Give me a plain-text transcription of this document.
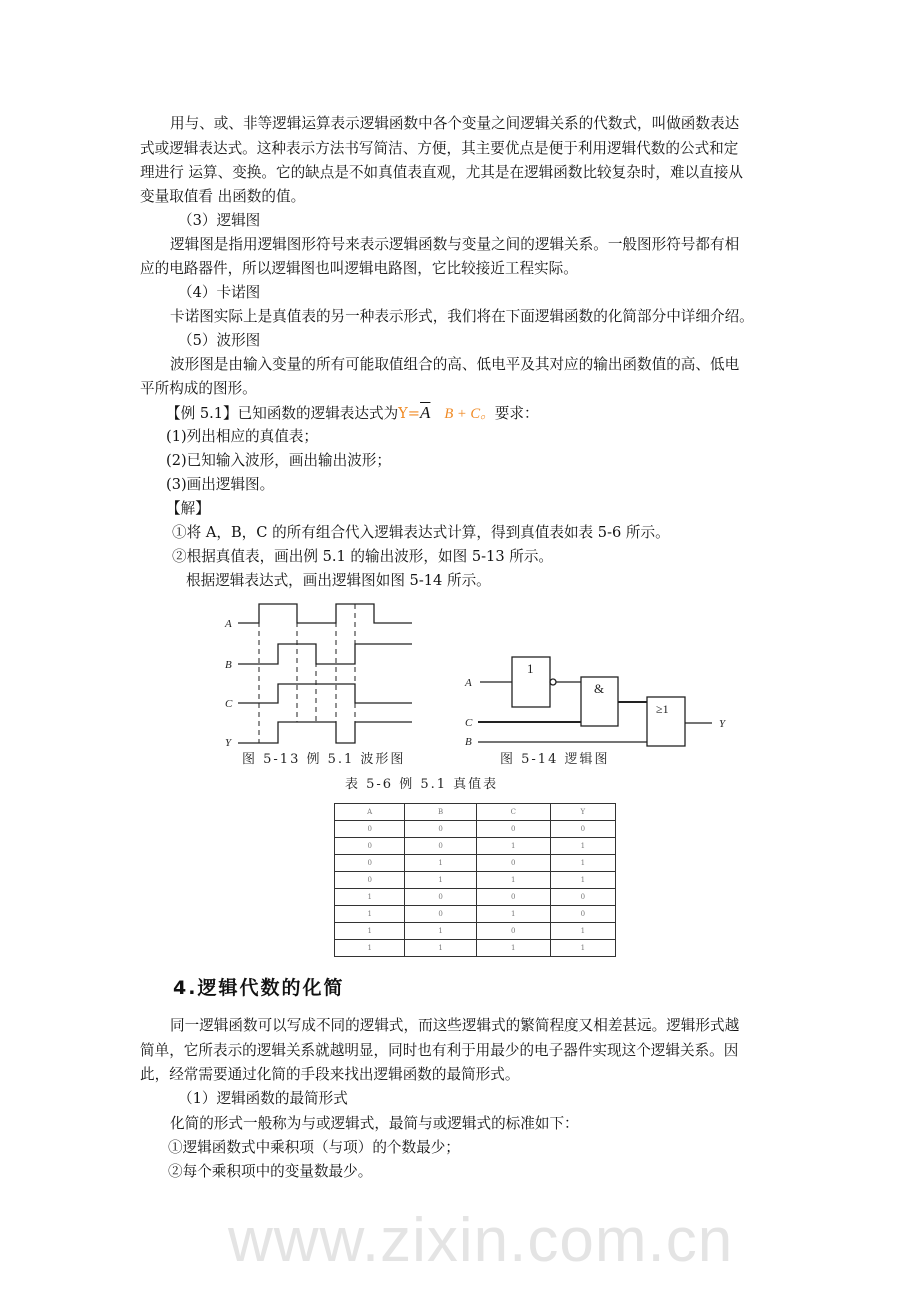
用与、或、非等逻辑运算表示逻辑函数中各个变量之间逻辑关系的代数式，叫做函数表达
式或逻辑表达式。这种表示方法书写简洁、方便，其主要优点是便于利用逻辑代数的公式和定
理进行 运算、变换。它的缺点是不如真值表直观，尤其是在逻辑函数比较复杂时，难以直接从
变量取值看 出函数的值。
（3）逻辑图
逻辑图是指用逻辑图形符号来表示逻辑函数与变量之间的逻辑关系。一般图形符号都有相
应的电路器件，所以逻辑图也叫逻辑电路图，它比较接近工程实际。
（4）卡诺图
卡诺图实际上是真值表的另一种表示形式，我们将在下面逻辑函数的化简部分中详细介绍。
（5）波形图
波形图是由输入变量的所有可能取值组合的高、低电平及其对应的输出函数值的高、低电
平所构成的图形。
【例 5.1】已知函数的逻辑表达式为$Y=\overline{A}$ B + C。要求：
(1)列出相应的真值表；
(2)已知输入波形，画出输出波形；
(3)画出逻辑图。
【解】
①将 A，B，C 的所有组合代入逻辑表达式计算，得到真值表如表 5-6 所示。
②根据真值表，画出例 5.1 的输出波形，如图 5-13 所示。
根据逻辑表达式，画出逻辑图如图 5-14 所示。
A
B
C
Y
1
&
≥1
A
C
B
Y
图 5-13 例 5.1 波形图	图 5-14 逻辑图
表 5-6 例 5.1 真值表
A	B	C	Y
0	0	0	0
0	0	1	1
0	1	0	1
0	1	1	1
1	0	0	0
1	0	1	0
1	1	0	1
1	1	1	1
4.逻辑代数的化简
同一逻辑函数可以写成不同的逻辑式，而这些逻辑式的繁简程度又相差甚远。逻辑形式越
简单，它所表示的逻辑关系就越明显，同时也有利于用最少的电子器件实现这个逻辑关系。因
此，经常需要通过化简的手段来找出逻辑函数的最简形式。
（1）逻辑函数的最简形式
化简的形式一般称为与或逻辑式，最简与或逻辑式的标准如下：
①逻辑函数式中乘积项（与项）的个数最少；
②每个乘积项中的变量数最少。
www.zixin.com.cn
